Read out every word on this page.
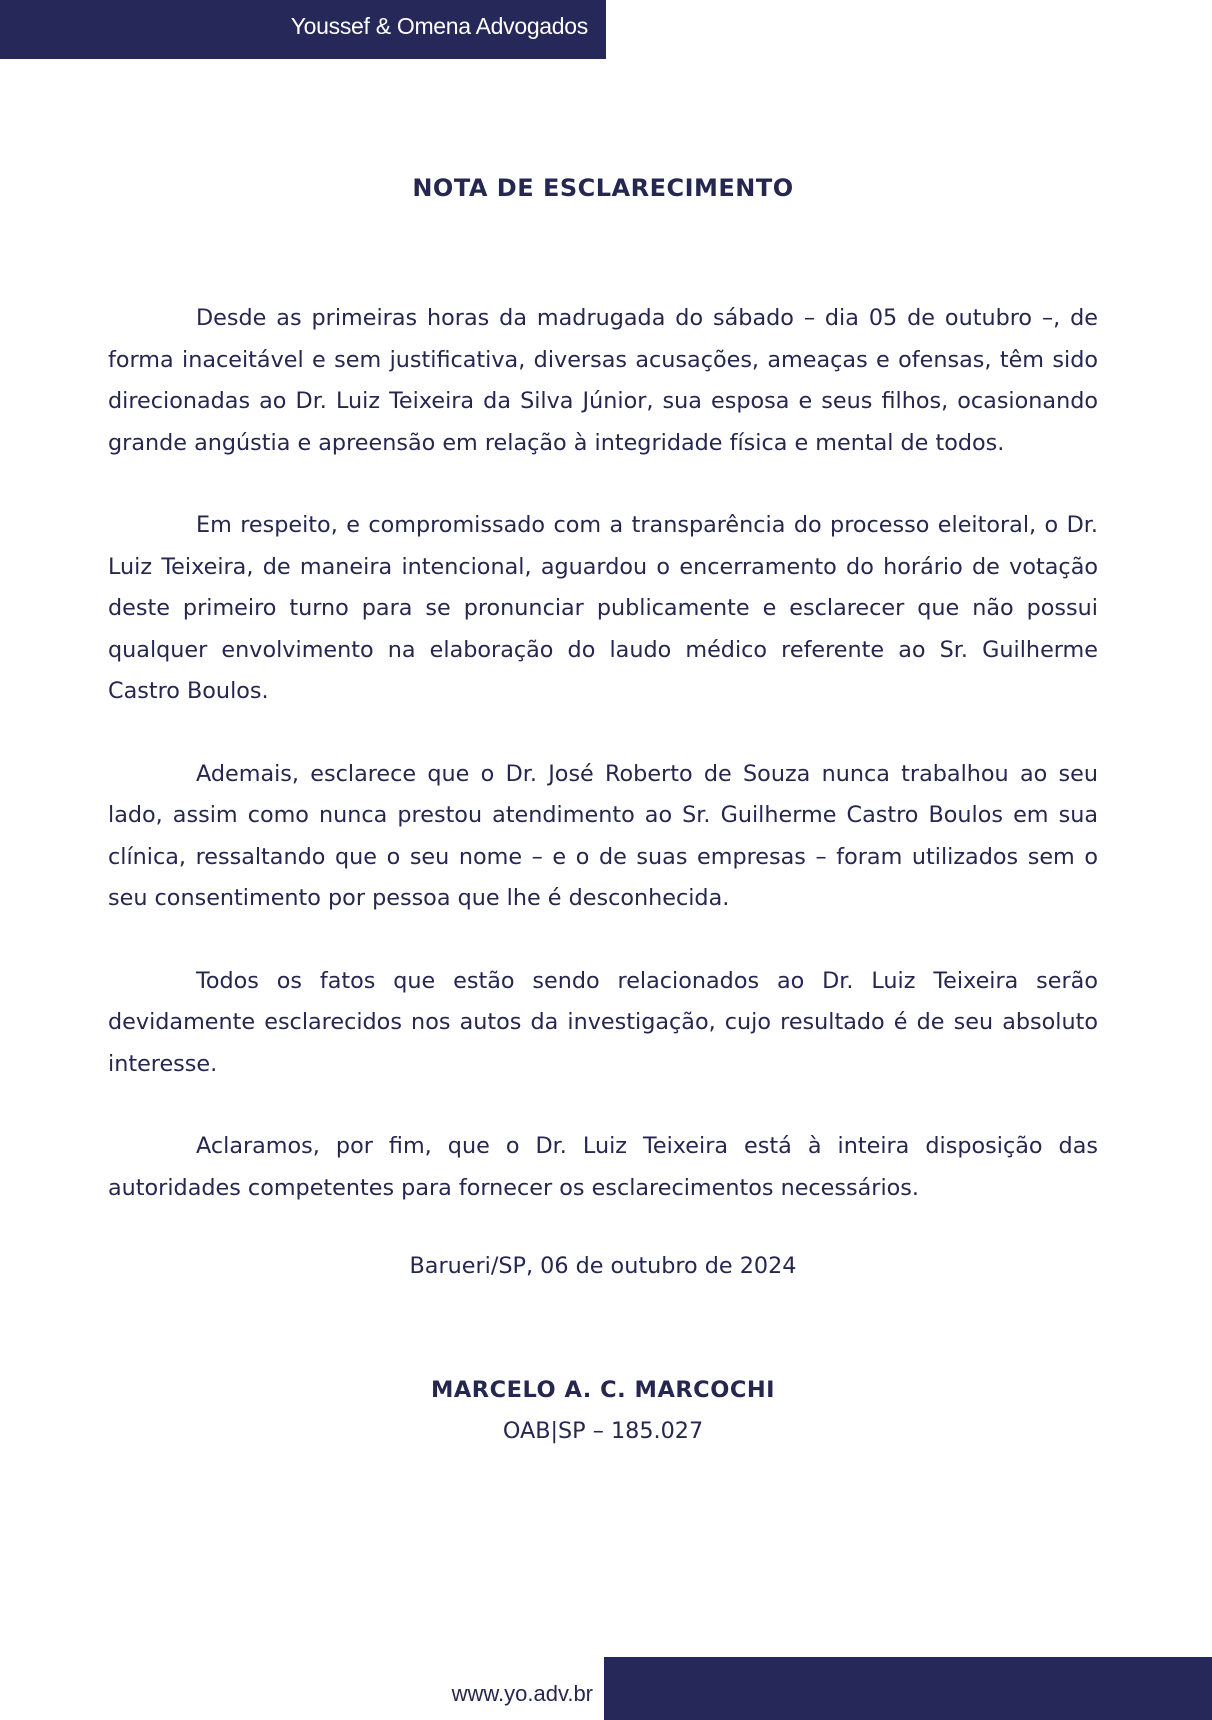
Youssef & Omena Advogados
NOTA DE ESCLARECIMENTO

Desde as primeiras horas da madrugada do sábado – dia 05 de outubro –, de forma inaceitável e sem justificativa, diversas acusações, ameaças e ofensas, têm sido direcionadas ao Dr. Luiz Teixeira da Silva Júnior, sua esposa e seus filhos, ocasionando grande angústia e apreensão em relação à integridade física e mental de todos.

Em respeito, e compromissado com a transparência do processo eleitoral, o Dr. Luiz Teixeira, de maneira intencional, aguardou o encerramento do horário de votação deste primeiro turno para se pronunciar publicamente e esclarecer que não possui qualquer envolvimento na elaboração do laudo médico referente ao Sr. Guilherme Castro Boulos.

Ademais, esclarece que o Dr. José Roberto de Souza nunca trabalhou ao seu lado, assim como nunca prestou atendimento ao Sr. Guilherme Castro Boulos em sua clínica, ressaltando que o seu nome – e o de suas empresas – foram utilizados sem o seu consentimento por pessoa que lhe é desconhecida.

Todos os fatos que estão sendo relacionados ao Dr. Luiz Teixeira serão devidamente esclarecidos nos autos da investigação, cujo resultado é de seu absoluto interesse.

Aclaramos, por fim, que o Dr. Luiz Teixeira está à inteira disposição das autoridades competentes para fornecer os esclarecimentos necessários.

Barueri/SP, 06 de outubro de 2024
MARCELO A. C. MARCOCHI
OAB|SP – 185.027
www.yo.adv.br
